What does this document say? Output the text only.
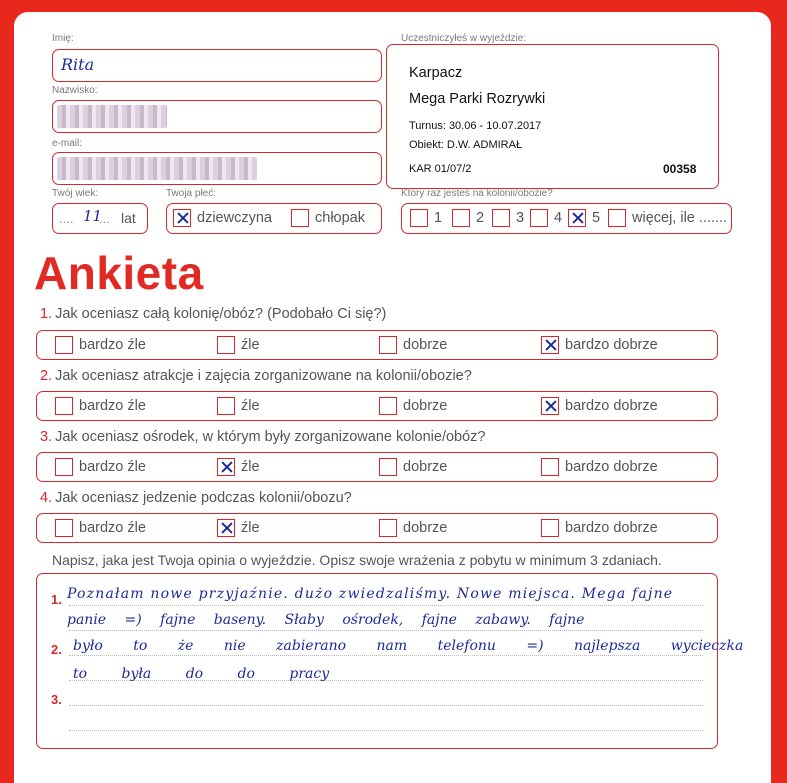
Imię:
Rita
Nazwisko:
e-mail:
Twój wiek:
.... 11
... lat
Twoja płeć:
dziewczyna	chłopak
Uczestniczyłeś w wyjeździe:
Karpacz
Mega Parki Rozrywki
Turnus: 30.06 - 10.07.2017
Obiekt: D.W. ADMIRAŁ
KAR 01/07/2	00358
Który raz jesteś na kolonii/obozie?
1	2	3	4	5	więcej, ile .......
Ankieta
1. Jak oceniasz całą kolonię/obóz? (Podobało Ci się?)
bardzo źle	źle	dobrze	bardzo dobrze
2. Jak oceniasz atrakcje i zajęcia zorganizowane na kolonii/obozie?
bardzo źle	źle	dobrze	bardzo dobrze
3. Jak oceniasz ośrodek, w którym były zorganizowane kolonie/obóz?
bardzo źle	źle	dobrze	bardzo dobrze
4. Jak oceniasz jedzenie podczas kolonii/obozu?
bardzo źle	źle	dobrze	bardzo dobrze
Napisz, jaka jest Twoja opinia o wyjeździe. Opisz swoje wrażenia z pobytu w minimum 3 zdaniach.
1.
2.
3.
Poznałam nowe przyjaźnie. dużo zwiedzaliśmy. Nowe miejsca. Mega fajne
panie =) fajne baseny. Słaby ośrodek, fajne zabawy. fajne
było to że nie zabierano nam telefonu =) najlepsza wycieczka
to była do do pracy
